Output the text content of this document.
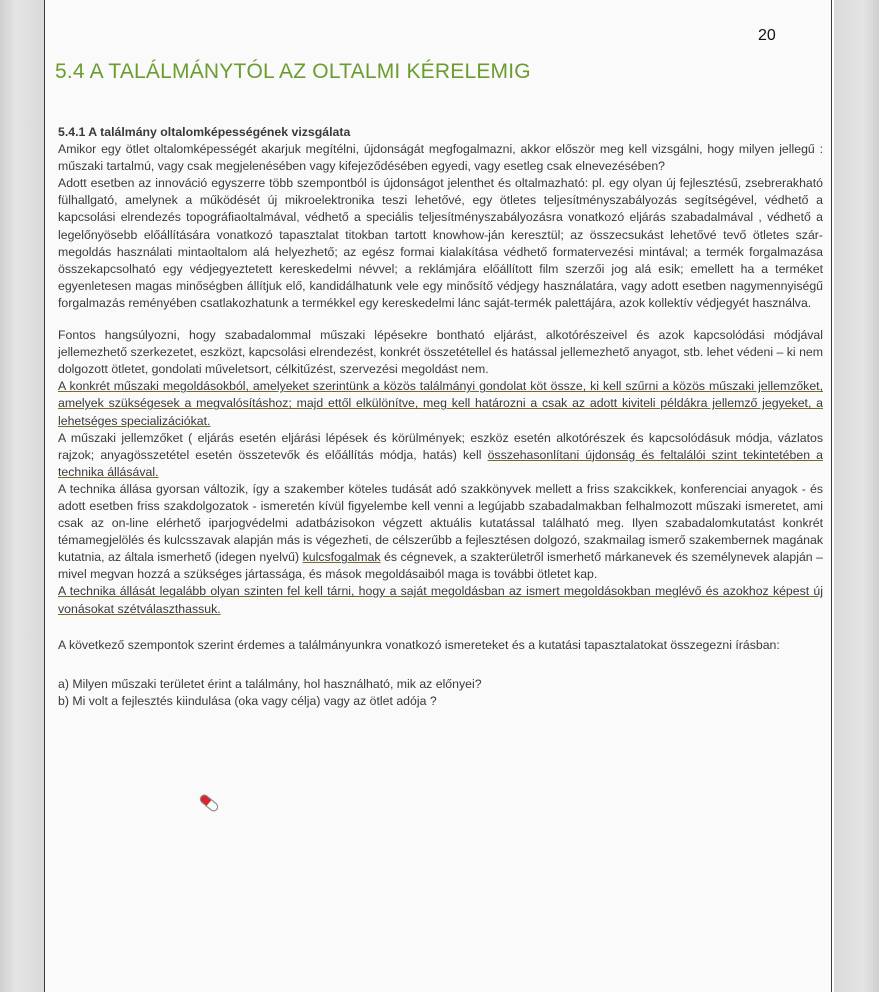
20
5.4 A TALÁLMÁNYTÓL AZ OLTALMI KÉRELEMIG

5.4.1 A találmány oltalomképességének vizsgálata

Amikor egy ötlet oltalomképességét akarjuk megítélni, újdonságát megfogalmazni, akkor először meg kell vizsgálni, hogy milyen jellegű : műszaki tartalmú, vagy csak megjelenésében vagy kifejeződésében egyedi, vagy esetleg csak elnevezésében?

Adott esetben az innováció egyszerre több szempontból is újdonságot jelenthet és oltalmazható: pl. egy olyan új fejlesztésű, zsebrerakható fülhallgató, amelynek a működését új mikroelektronika teszi lehetővé, egy ötletes teljesítményszabályozás segítségével, védhető a kapcsolási elrendezés topográfiaoltalmával, védhető a speciális teljesítményszabályozásra vonatkozó eljárás szabadalmával , védhető a legelőnyösebb előállítására vonatkozó tapasztalat titokban tartott knowhow-ján keresztül; az összecsukást lehetővé tevő ötletes szár-megoldás használati mintaoltalom alá helyezhető; az egész formai kialakítása védhető formatervezési mintával; a termék forgalmazása összekapcsolható egy védjegyeztetett kereskedelmi névvel; a reklámjára előállított film szerzői jog alá esik; emellett ha a terméket egyenletesen magas minőségben állítjuk elő, kandidálhatunk vele egy minősítő védjegy használatára, vagy adott esetben nagymennyiségű forgalmazás reményében csatlakozhatunk a termékkel egy kereskedelmi lánc saját-termék palettájára, azok kollektív védjegyét használva.

Fontos hangsúlyozni, hogy szabadalommal műszaki lépésekre bontható eljárást, alkotórészeivel és azok kapcsolódási módjával jellemezhető szerkezetet, eszközt, kapcsolási elrendezést, konkrét összetétellel és hatással jellemezhető anyagot, stb. lehet védeni – ki nem dolgozott ötletet, gondolati műveletsort, célkitűzést, szervezési megoldást nem.

A konkrét műszaki megoldásokból, amelyeket szerintünk a közös találmányi gondolat köt össze, ki kell szűrni a közös műszaki jellemzőket, amelyek szükségesek a megvalósításhoz; majd ettől elkülönítve, meg kell határozni a csak az adott kiviteli példákra jellemző jegyeket, a lehetséges specializációkat.

A műszaki jellemzőket ( eljárás esetén eljárási lépések és körülmények; eszköz esetén alkotórészek és kapcsolódásuk módja, vázlatos rajzok; anyagösszetétel esetén összetevők és előállítás módja, hatás) kell összehasonlítani újdonság és feltalálói szint tekintetében a technika állásával.

A technika állása gyorsan változik, így a szakember köteles tudását adó szakkönyvek mellett a friss szakcikkek, konferenciai anyagok - és adott esetben friss szakdolgozatok - ismeretén kívül figyelembe kell venni a legújabb szabadalmakban felhalmozott műszaki ismeretet, ami csak az on-line elérhető iparjogvédelmi adatbázisokon végzett aktuális kutatással található meg. Ilyen szabadalomkutatást konkrét témamegjelölés és kulcsszavak alapján más is végezheti, de célszerűbb a fejlesztésen dolgozó, szakmailag ismerő szakembernek magának kutatnia, az általa ismerhető (idegen nyelvű) kulcsfogalmak és cégnevek, a szakterületről ismerhető márkanevek és személynevek alapján – mivel megvan hozzá a szükséges jártassága, és mások megoldásaiból maga is további ötletet kap.

A technika állását legalább olyan szinten fel kell tárni, hogy a saját megoldásban az ismert megoldásokban meglévő és azokhoz képest új vonásokat szétválaszthassuk.

A következő szempontok szerint érdemes a találmányunkra vonatkozó ismereteket és a kutatási tapasztalatokat összegezni írásban:

a) Milyen műszaki területet érint a találmány, hol használható, mik az előnyei?

b) Mi volt a fejlesztés kiindulása (oka vagy célja) vagy az ötlet adója ?
